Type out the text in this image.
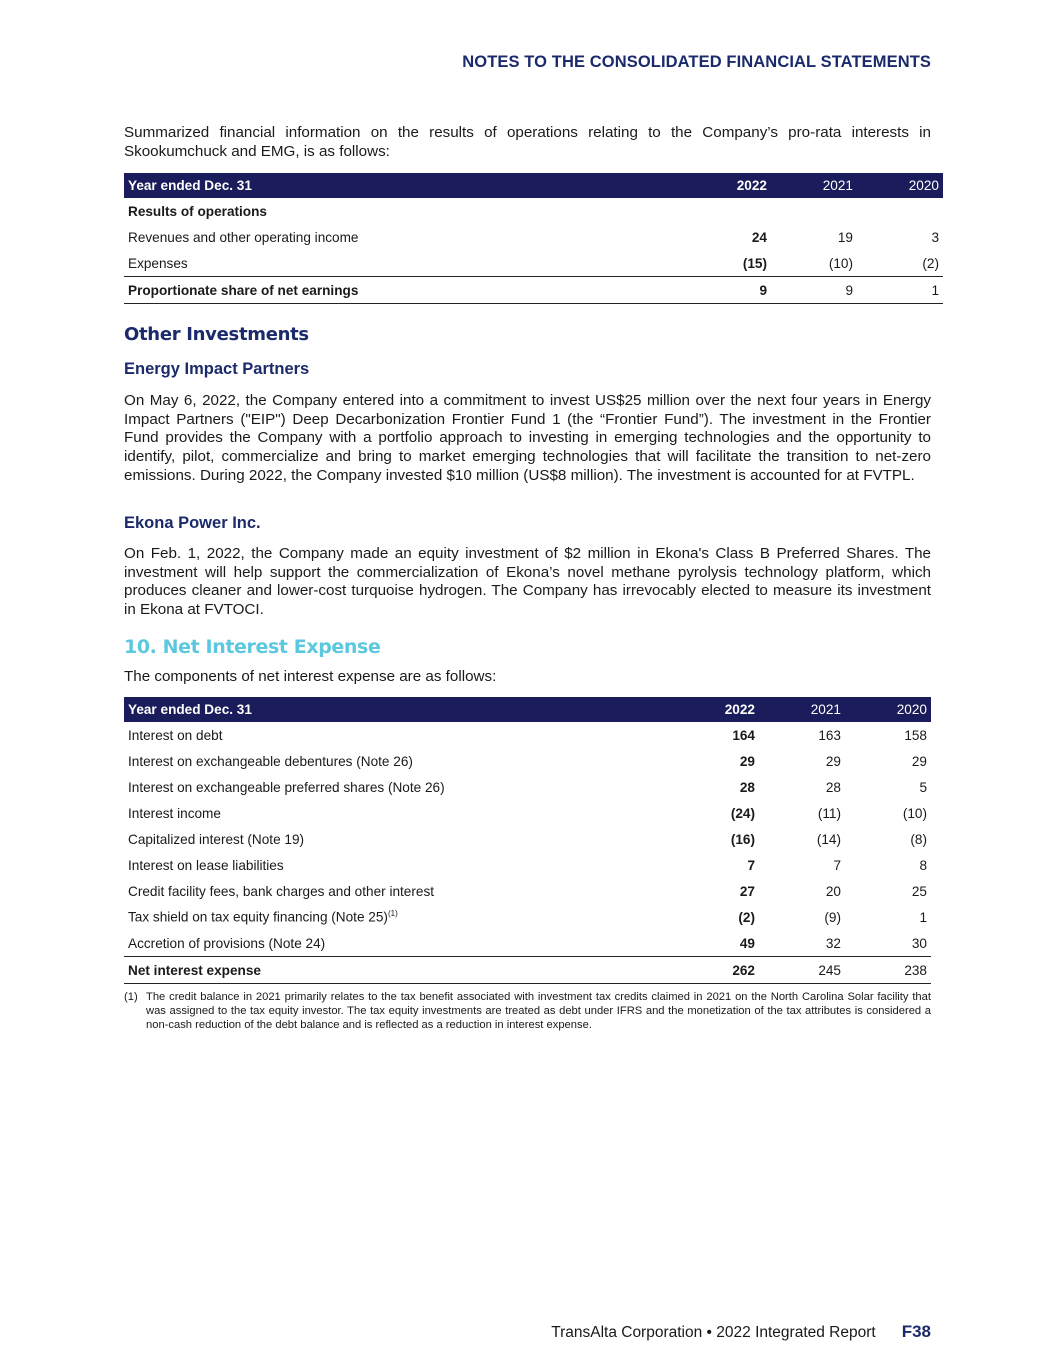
NOTES TO THE CONSOLIDATED FINANCIAL STATEMENTS

Summarized financial information on the results of operations relating to the Company’s pro-rata interests in Skookumchuck and EMG, is as follows:

Year ended Dec. 31	2022	2021	2020
Results of operations			
Revenues and other operating income	24	19	3
Expenses	(15)	(10)	(2)
Proportionate share of net earnings	9	9	1
Other Investments
Energy Impact Partners

On May 6, 2022, the Company entered into a commitment to invest US$25 million over the next four years in Energy Impact Partners ("EIP") Deep Decarbonization Frontier Fund 1 (the “Frontier Fund”). The investment in the Frontier Fund provides the Company with a portfolio approach to investing in emerging technologies and the opportunity to identify, pilot, commercialize and bring to market emerging technologies that will facilitate the transition to net-zero emissions. During 2022, the Company invested $10 million (US$8 million). The investment is accounted for at FVTPL.

Ekona Power Inc.

On Feb. 1, 2022, the Company made an equity investment of $2 million in Ekona's Class B Preferred Shares. The investment will help support the commercialization of Ekona’s novel methane pyrolysis technology platform, which produces cleaner and lower-cost turquoise hydrogen. The Company has irrevocably elected to measure its investment in Ekona at FVTOCI.

10. Net Interest Expense

The components of net interest expense are as follows:

Year ended Dec. 31	2022	2021	2020
Interest on debt	164	163	158
Interest on exchangeable debentures (Note 26)	29	29	29
Interest on exchangeable preferred shares (Note 26)	28	28	5
Interest income	(24)	(11)	(10)
Capitalized interest (Note 19)	(16)	(14)	(8)
Interest on lease liabilities	7	7	8
Credit facility fees, bank charges and other interest	27	20	25
Tax shield on tax equity financing (Note 25)$^{(1)}$	(2)	(9)	1
Accretion of provisions (Note 24)	49	32	30
Net interest expense	262	245	238
(1) The credit balance in 2021 primarily relates to the tax benefit associated with investment tax credits claimed in 2021 on the North Carolina Solar facility that was assigned to the tax equity investor. The tax equity investments are treated as debt under IFRS and the monetization of the tax attributes is considered a non-cash reduction of the debt balance and is reflected as a reduction in interest expense.
TransAlta Corporation • 2022 Integrated Report F38
